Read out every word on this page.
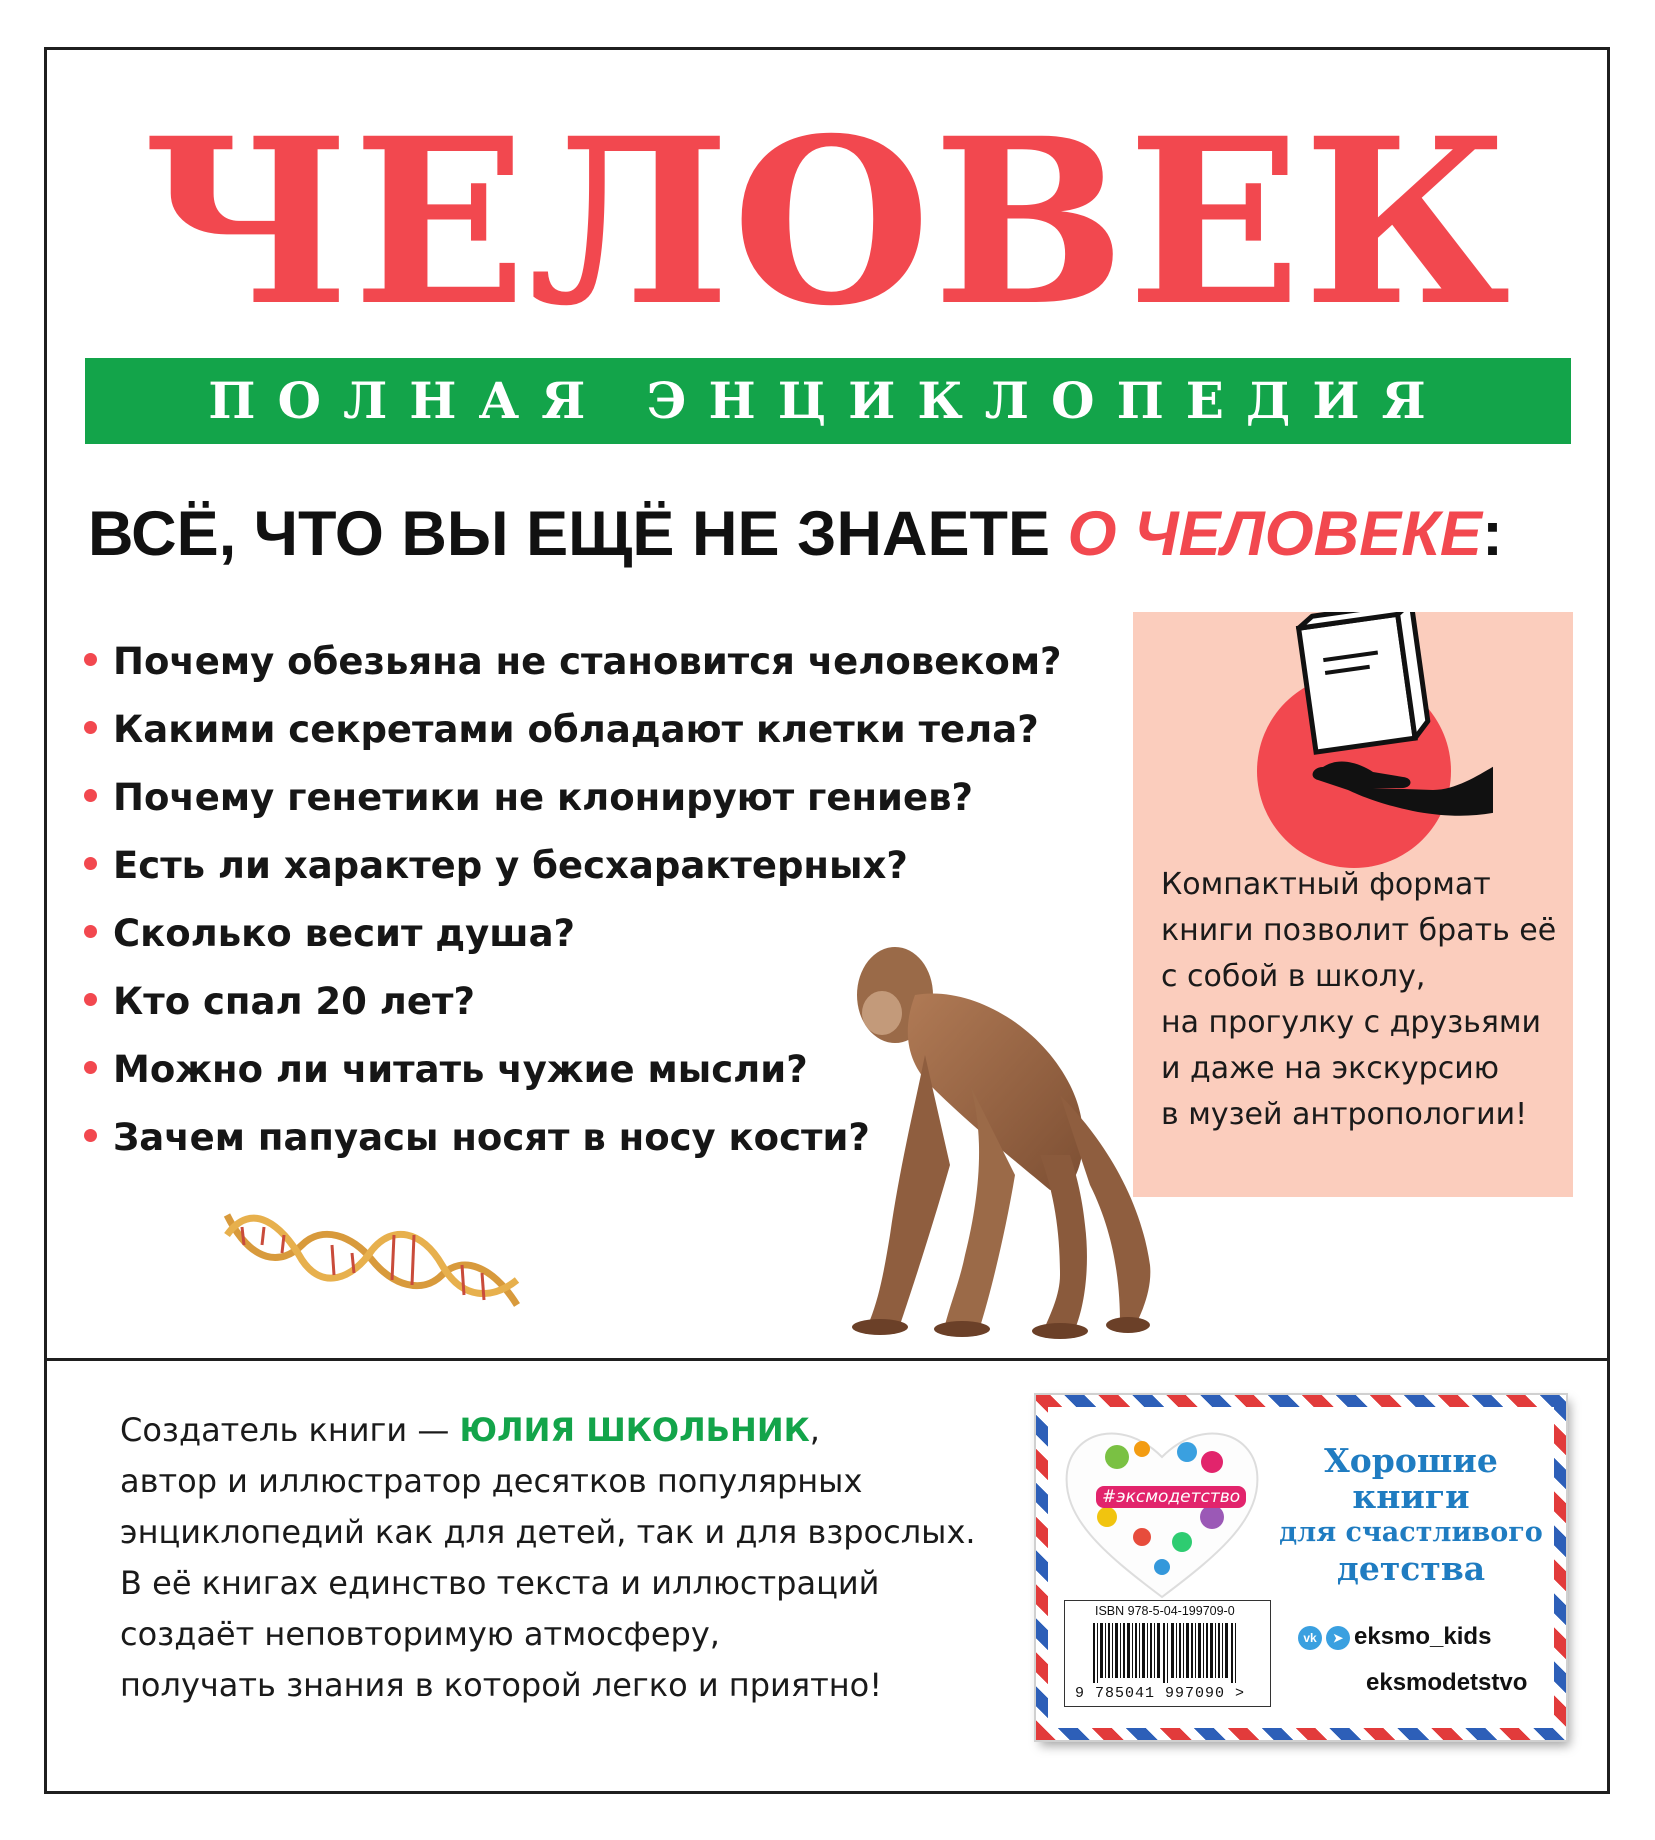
ЧЕЛОВЕК
ПОЛНАЯ ЭНЦИКЛОПЕДИЯ
ВСЁ, ЧТО ВЫ ЕЩЁ НЕ ЗНАЕТЕ О ЧЕЛОВЕКЕ:
Почему обезьяна не становится человеком?
Какими секретами обладают клетки тела?
Почему генетики не клонируют гениев?
Есть ли характер у бесхарактерных?
Сколько весит душа?
Кто спал 20 лет?
Можно ли читать чужие мысли?
Зачем папуасы носят в носу кости?
Компактный формат
книги позволит брать её
с собой в школу,
на прогулку с друзьями
и даже на экскурсию
в музей антропологии!
Создатель книги — ЮЛИЯ ШКОЛЬНИК,
автор и иллюстратор десятков популярных
энциклопедий как для детей, так и для взрослых.
В её книгах единство текста и иллюстраций
создаёт неповторимую атмосферу,
получать знания в которой легко и приятно!
#эксмодетство
Хорошие
книги
для счастливого
детства
ISBN 978-5-04-199709-0
9 785041 997090 >
vk ➤ eksmo_kids
eksmodetstvo
